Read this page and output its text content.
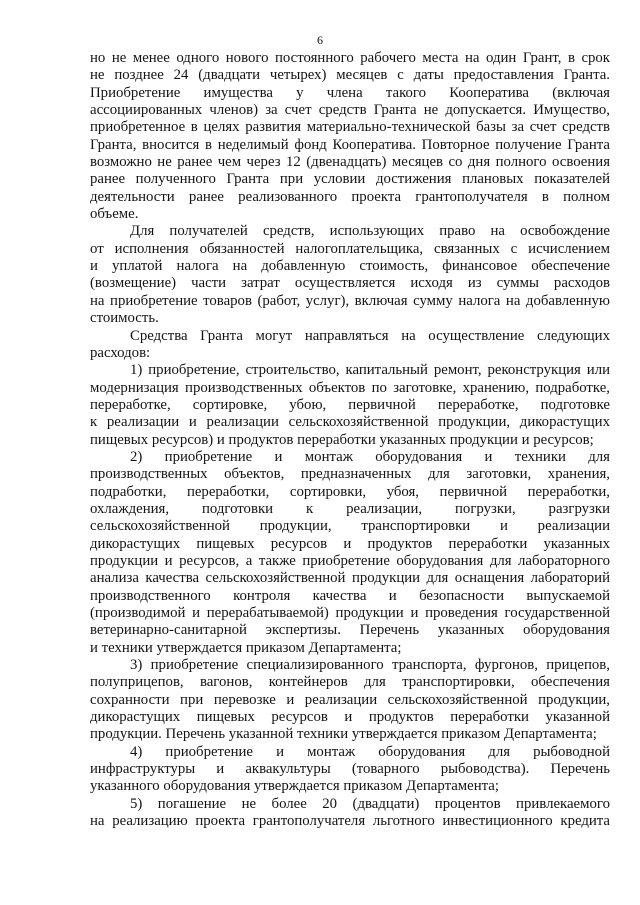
6
но не менее одного нового постоянного рабочего места на один Грант, в срок
не позднее 24 (двадцати четырех) месяцев с даты предоставления Гранта.
Приобретение имущества у члена такого Кооператива (включая
ассоциированных членов) за счет средств Гранта не допускается. Имущество,
приобретенное в целях развития материально-технической базы за счет средств
Гранта, вносится в неделимый фонд Кооператива. Повторное получение Гранта
возможно не ранее чем через 12 (двенадцать) месяцев со дня полного освоения
ранее полученного Гранта при условии достижения плановых показателей
деятельности ранее реализованного проекта грантополучателя в полном
объеме.
Для получателей средств, использующих право на освобождение
от исполнения обязанностей налогоплательщика, связанных с исчислением
и уплатой налога на добавленную стоимость, финансовое обеспечение
(возмещение) части затрат осуществляется исходя из суммы расходов
на приобретение товаров (работ, услуг), включая сумму налога на добавленную
стоимость.
Средства Гранта могут направляться на осуществление следующих
расходов:
1) приобретение, строительство, капитальный ремонт, реконструкция или
модернизация производственных объектов по заготовке, хранению, подработке,
переработке, сортировке, убою, первичной переработке, подготовке
к реализации и реализации сельскохозяйственной продукции, дикорастущих
пищевых ресурсов) и продуктов переработки указанных продукции и ресурсов;
2) приобретение и монтаж оборудования и техники для
производственных объектов, предназначенных для заготовки, хранения,
подработки, переработки, сортировки, убоя, первичной переработки,
охлаждения, подготовки к реализации, погрузки, разгрузки
сельскохозяйственной продукции, транспортировки и реализации
дикорастущих пищевых ресурсов и продуктов переработки указанных
продукции и ресурсов, а также приобретение оборудования для лабораторного
анализа качества сельскохозяйственной продукции для оснащения лабораторий
производственного контроля качества и безопасности выпускаемой
(производимой и перерабатываемой) продукции и проведения государственной
ветеринарно-санитарной экспертизы. Перечень указанных оборудования
и техники утверждается приказом Департамента;
3) приобретение специализированного транспорта, фургонов, прицепов,
полуприцепов, вагонов, контейнеров для транспортировки, обеспечения
сохранности при перевозке и реализации сельскохозяйственной продукции,
дикорастущих пищевых ресурсов и продуктов переработки указанной
продукции. Перечень указанной техники утверждается приказом Департамента;
4) приобретение и монтаж оборудования для рыбоводной
инфраструктуры и аквакультуры (товарного рыбоводства). Перечень
указанного оборудования утверждается приказом Департамента;
5) погашение не более 20 (двадцати) процентов привлекаемого
на реализацию проекта грантополучателя льготного инвестиционного кредита
